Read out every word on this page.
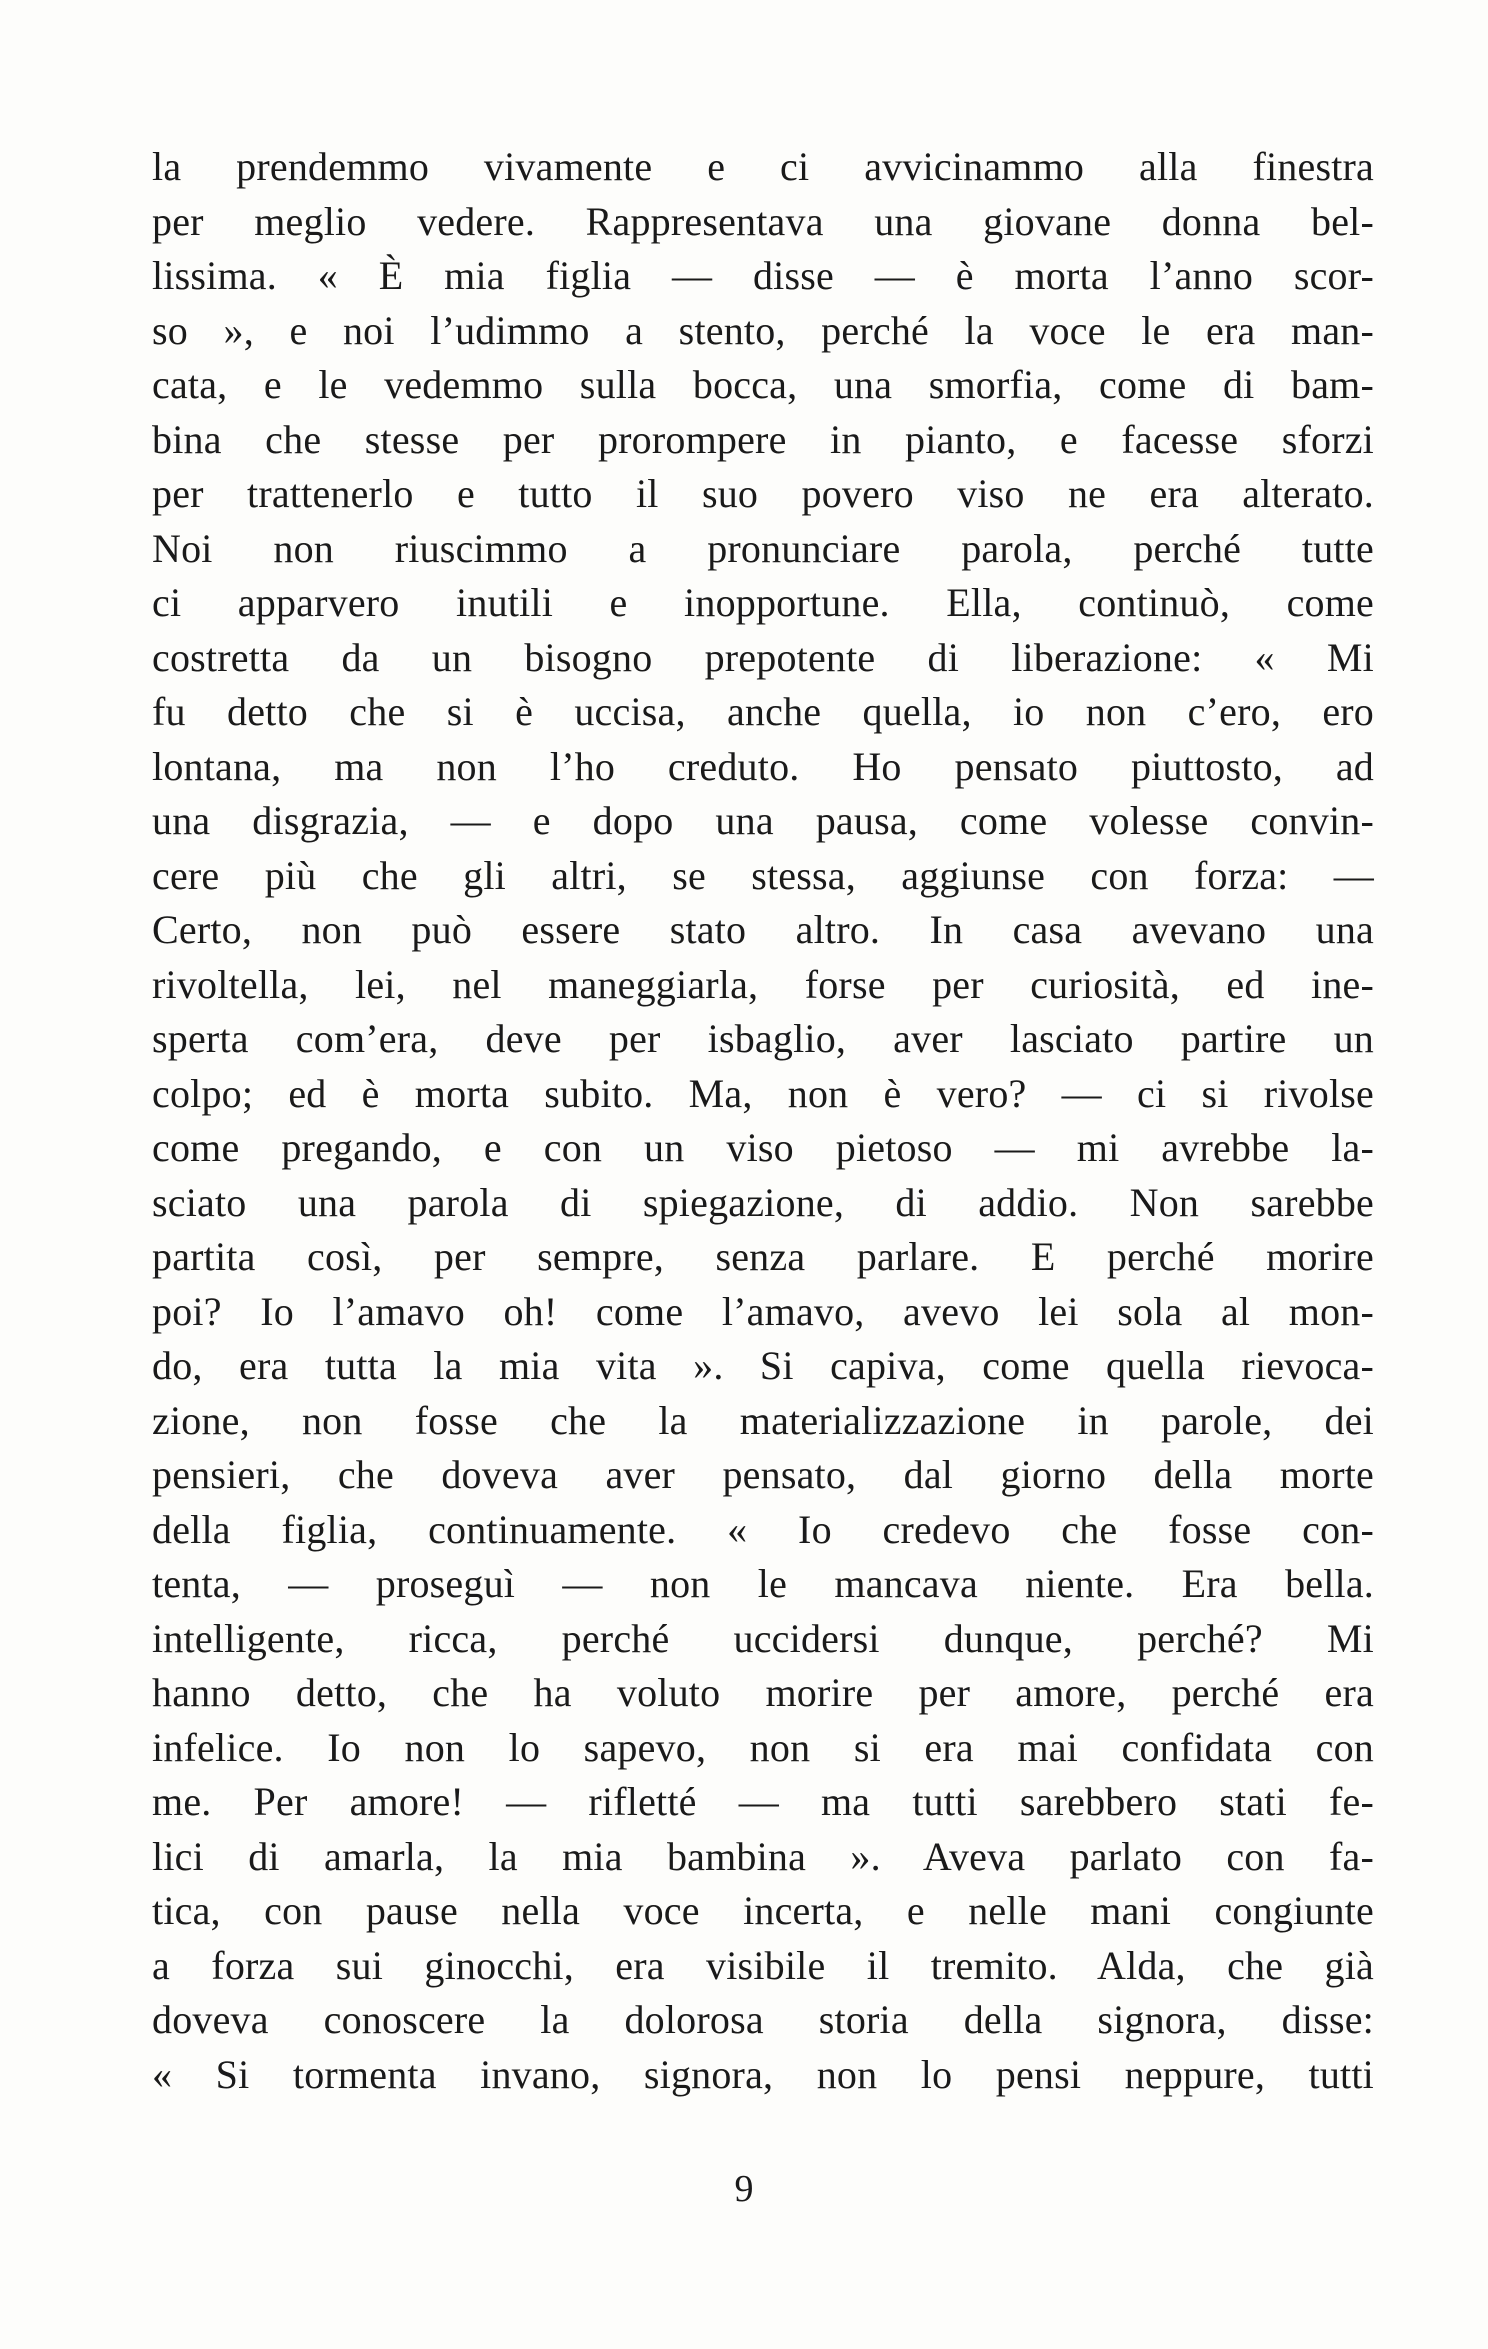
la prendemmo vivamente e ci avvicinammo alla finestra
per meglio vedere. Rappresentava una giovane donna bel-
lissima. « È mia figlia — disse — è morta l’anno scor-
so », e noi l’udimmo a stento, perché la voce le era man-
cata, e le vedemmo sulla bocca, una smorfia, come di bam-
bina che stesse per prorompere in pianto, e facesse sforzi
per trattenerlo e tutto il suo povero viso ne era alterato.
Noi non riuscimmo a pronunciare parola, perché tutte
ci apparvero inutili e inopportune. Ella, continuò, come
costretta da un bisogno prepotente di liberazione: « Mi
fu detto che si è uccisa, anche quella, io non c’ero, ero
lontana, ma non l’ho creduto. Ho pensato piuttosto, ad
una disgrazia, — e dopo una pausa, come volesse convin-
cere più che gli altri, se stessa, aggiunse con forza: —
Certo, non può essere stato altro. In casa avevano una
rivoltella, lei, nel maneggiarla, forse per curiosità, ed ine-
sperta com’era, deve per isbaglio, aver lasciato partire un
colpo; ed è morta subito. Ma, non è vero? — ci si rivolse
come pregando, e con un viso pietoso — mi avrebbe la-
sciato una parola di spiegazione, di addio. Non sarebbe
partita così, per sempre, senza parlare. E perché morire
poi? Io l’amavo oh! come l’amavo, avevo lei sola al mon-
do, era tutta la mia vita ». Si capiva, come quella rievoca-
zione, non fosse che la materializzazione in parole, dei
pensieri, che doveva aver pensato, dal giorno della morte
della figlia, continuamente. « Io credevo che fosse con-
tenta, — proseguì — non le mancava niente. Era bella.
intelligente, ricca, perché uccidersi dunque, perché? Mi
hanno detto, che ha voluto morire per amore, perché era
infelice. Io non lo sapevo, non si era mai confidata con
me. Per amore! — rifletté — ma tutti sarebbero stati fe-
lici di amarla, la mia bambina ». Aveva parlato con fa-
tica, con pause nella voce incerta, e nelle mani congiunte
a forza sui ginocchi, era visibile il tremito. Alda, che già
doveva conoscere la dolorosa storia della signora, disse:
« Si tormenta invano, signora, non lo pensi neppure, tutti
9
